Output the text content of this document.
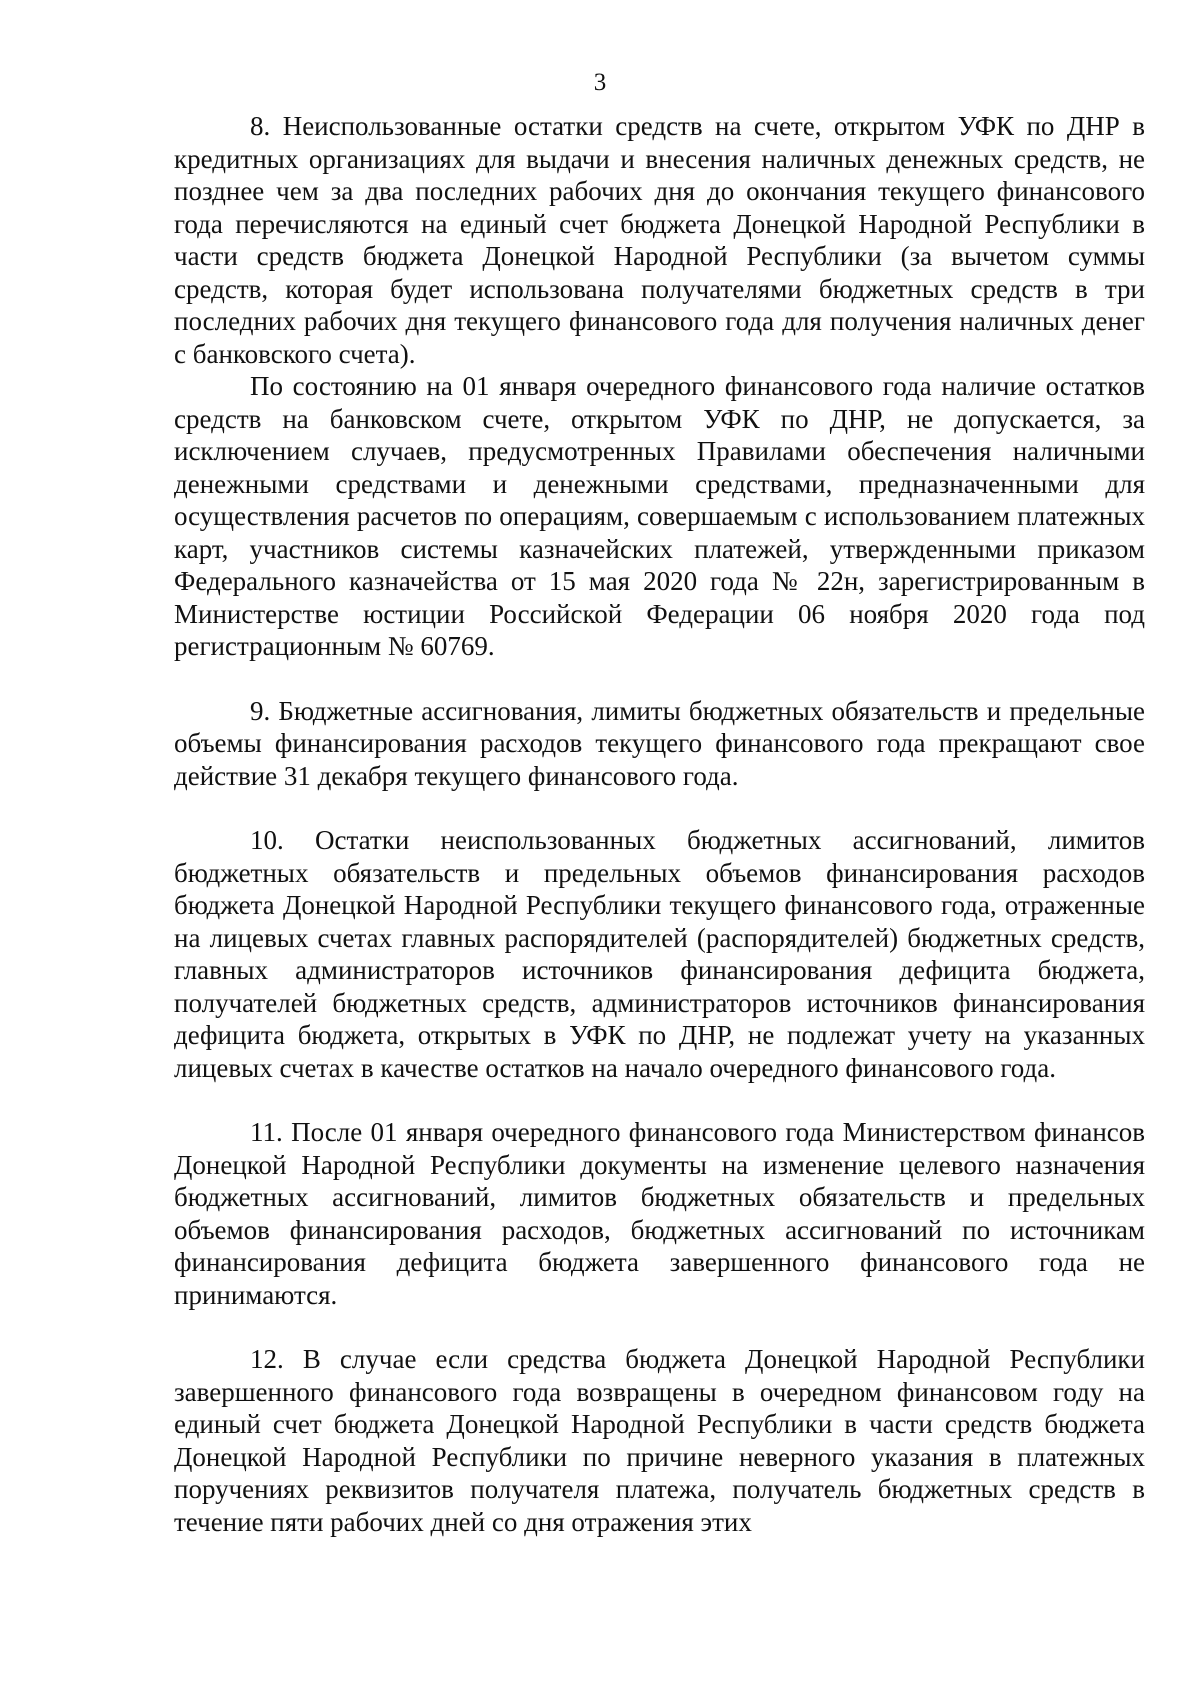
3

8. Неиспользованные остатки средств на счете, открытом УФК по ДНР в кредитных организациях для выдачи и внесения наличных денежных средств, не позднее чем за два последних рабочих дня до окончания текущего финансового года перечисляются на единый счет бюджета Донецкой Народной Республики в части средств бюджета Донецкой Народной Республики (за вычетом суммы средств, которая будет использована получателями бюджетных средств в три последних рабочих дня текущего финансового года для получения наличных денег с банковского счета).

По состоянию на 01 января очередного финансового года наличие остатков средств на банковском счете, открытом УФК по ДНР, не допускается, за исключением случаев, предусмотренных Правилами обеспечения наличными денежными средствами и денежными средствами, предназначенными для осуществления расчетов по операциям, совершаемым с использованием платежных карт, участников системы казначейских платежей, утвержденными приказом Федерального казначейства от 15 мая 2020 года № 22н, зарегистрированным в Министерстве юстиции Российской Федерации 06 ноября 2020 года под регистрационным № 60769.

9. Бюджетные ассигнования, лимиты бюджетных обязательств и предельные объемы финансирования расходов текущего финансового года прекращают свое действие 31 декабря текущего финансового года.

10. Остатки неиспользованных бюджетных ассигнований, лимитов бюджетных обязательств и предельных объемов финансирования расходов бюджета Донецкой Народной Республики текущего финансового года, отраженные на лицевых счетах главных распорядителей (распорядителей) бюджетных средств, главных администраторов источников финансирования дефицита бюджета, получателей бюджетных средств, администраторов источников финансирования дефицита бюджета, открытых в УФК по ДНР, не подлежат учету на указанных лицевых счетах в качестве остатков на начало очередного финансового года.

11. После 01 января очередного финансового года Министерством финансов Донецкой Народной Республики документы на изменение целевого назначения бюджетных ассигнований, лимитов бюджетных обязательств и предельных объемов финансирования расходов, бюджетных ассигнований по источникам финансирования дефицита бюджета завершенного финансового года не принимаются.

12. В случае если средства бюджета Донецкой Народной Республики завершенного финансового года возвращены в очередном финансовом году на единый счет бюджета Донецкой Народной Республики в части средств бюджета Донецкой Народной Республики по причине неверного указания в платежных поручениях реквизитов получателя платежа, получатель бюджетных средств в течение пяти рабочих дней со дня отражения этих
